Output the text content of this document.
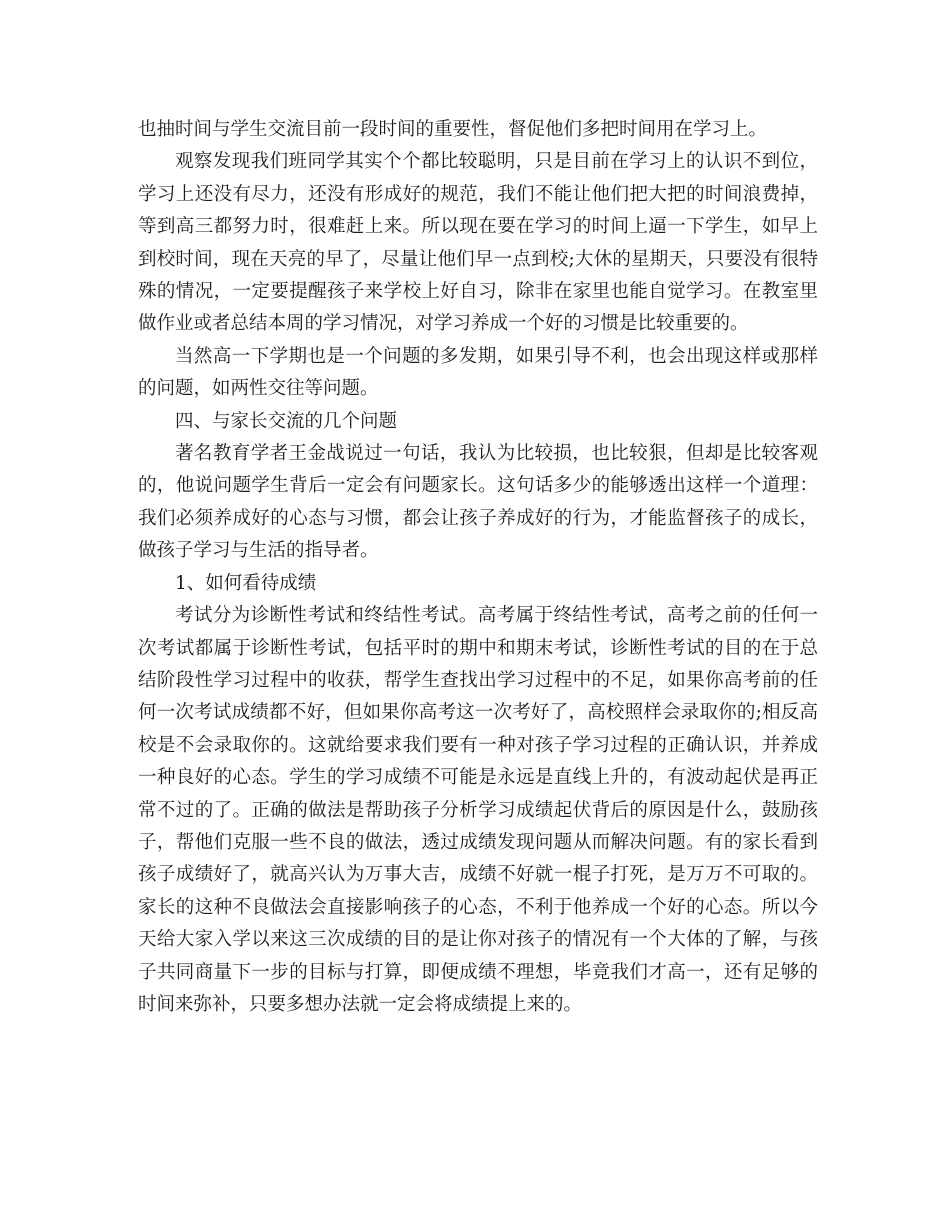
也抽时间与学生交流目前一段时间的重要性，督促他们多把时间用在学习上。

观察发现我们班同学其实个个都比较聪明，只是目前在学习上的认识不到位，学习上还没有尽力，还没有形成好的规范，我们不能让他们把大把的时间浪费掉，等到高三都努力时，很难赶上来。所以现在要在学习的时间上逼一下学生，如早上到校时间，现在天亮的早了，尽量让他们早一点到校;大休的星期天，只要没有很特殊的情况，一定要提醒孩子来学校上好自习，除非在家里也能自觉学习。在教室里做作业或者总结本周的学习情况，对学习养成一个好的习惯是比较重要的。

当然高一下学期也是一个问题的多发期，如果引导不利，也会出现这样或那样的问题，如两性交往等问题。

四、与家长交流的几个问题

著名教育学者王金战说过一句话，我认为比较损，也比较狠，但却是比较客观的，他说问题学生背后一定会有问题家长。这句话多少的能够透出这样一个道理：我们必须养成好的心态与习惯，都会让孩子养成好的行为，才能监督孩子的成长，做孩子学习与生活的指导者。

1、如何看待成绩

考试分为诊断性考试和终结性考试。高考属于终结性考试，高考之前的任何一次考试都属于诊断性考试，包括平时的期中和期末考试，诊断性考试的目的在于总结阶段性学习过程中的收获，帮学生查找出学习过程中的不足，如果你高考前的任何一次考试成绩都不好，但如果你高考这一次考好了，高校照样会录取你的;相反高校是不会录取你的。这就给要求我们要有一种对孩子学习过程的正确认识，并养成一种良好的心态。学生的学习成绩不可能是永远是直线上升的，有波动起伏是再正常不过的了。正确的做法是帮助孩子分析学习成绩起伏背后的原因是什么，鼓励孩子，帮他们克服一些不良的做法，透过成绩发现问题从而解决问题。有的家长看到孩子成绩好了，就高兴认为万事大吉，成绩不好就一棍子打死，是万万不可取的。家长的这种不良做法会直接影响孩子的心态，不利于他养成一个好的心态。所以今天给大家入学以来这三次成绩的目的是让你对孩子的情况有一个大体的了解，与孩子共同商量下一步的目标与打算，即便成绩不理想，毕竟我们才高一，还有足够的时间来弥补，只要多想办法就一定会将成绩提上来的。
